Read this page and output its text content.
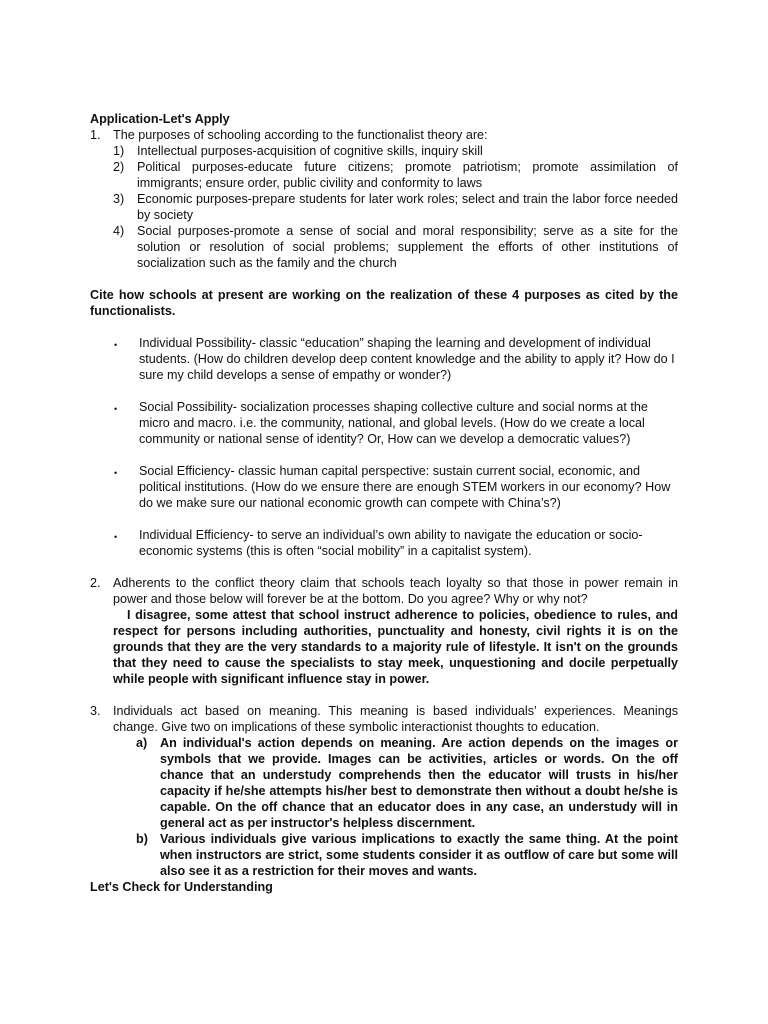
Application-Let's Apply

1. The purposes of schooling according to the functionalist theory are:
1)	Intellectual purposes-acquisition of cognitive skills, inquiry skill
2)	Political purposes-educate future citizens; promote patriotism; promote assimilation of immigrants; ensure order, public civility and conformity to laws
3)	Economic purposes-prepare students for later work roles; select and train the labor force needed by society
4)	Social purposes-promote a sense of social and moral responsibility; serve as a site for the solution or resolution of social problems; supplement the efforts of other institutions of socialization such as the family and the church

Cite how schools at present are working on the realization of these 4 purposes as cited by the functionalists.

•	Individual Possibility- classic “education” shaping the learning and development of individual students. (How do children develop deep content knowledge and the ability to apply it? How do I sure my child develops a sense of empathy or wonder?)
•	Social Possibility- socialization processes shaping collective culture and social norms at the micro and macro. i.e. the community, national, and global levels. (How do we create a local community or national sense of identity? Or, How can we develop a democratic values?)
•	Social Efficiency- classic human capital perspective: sustain current social, economic, and political institutions. (How do we ensure there are enough STEM workers in our economy? How do we make sure our national economic growth can compete with China’s?)
•	Individual Efficiency- to serve an individual’s own ability to navigate the education or socio-economic systems (this is often “social mobility” in a capitalist system).
2. Adherents to the conflict theory claim that schools teach loyalty so that those in power remain in power and those below will forever be at the bottom. Do you agree? Why or why not?

I disagree, some attest that school instruct adherence to policies, obedience to rules, and respect for persons including authorities, punctuality and honesty, civil rights it is on the grounds that they are the very standards to a majority rule of lifestyle. It isn't on the grounds that they need to cause the specialists to stay meek, unquestioning and docile perpetually while people with significant influence stay in power.

3. Individuals act based on meaning. This meaning is based individuals’ experiences. Meanings change. Give two on implications of these symbolic interactionist thoughts to education.
a)	An individual's action depends on meaning. Are action depends on the images or symbols that we provide. Images can be activities, articles or words. On the off chance that an understudy comprehends then the educator will trusts in his/her capacity if he/she attempts his/her best to demonstrate then without a doubt he/she is capable. On the off chance that an educator does in any case, an understudy will in general act as per instructor's helpless discernment.
b) Various individuals give various implications to exactly the same thing. At the point when instructors are strict, some students consider it as outflow of care but some will also see it as a restriction for their moves and wants.

Let's Check for Understanding
